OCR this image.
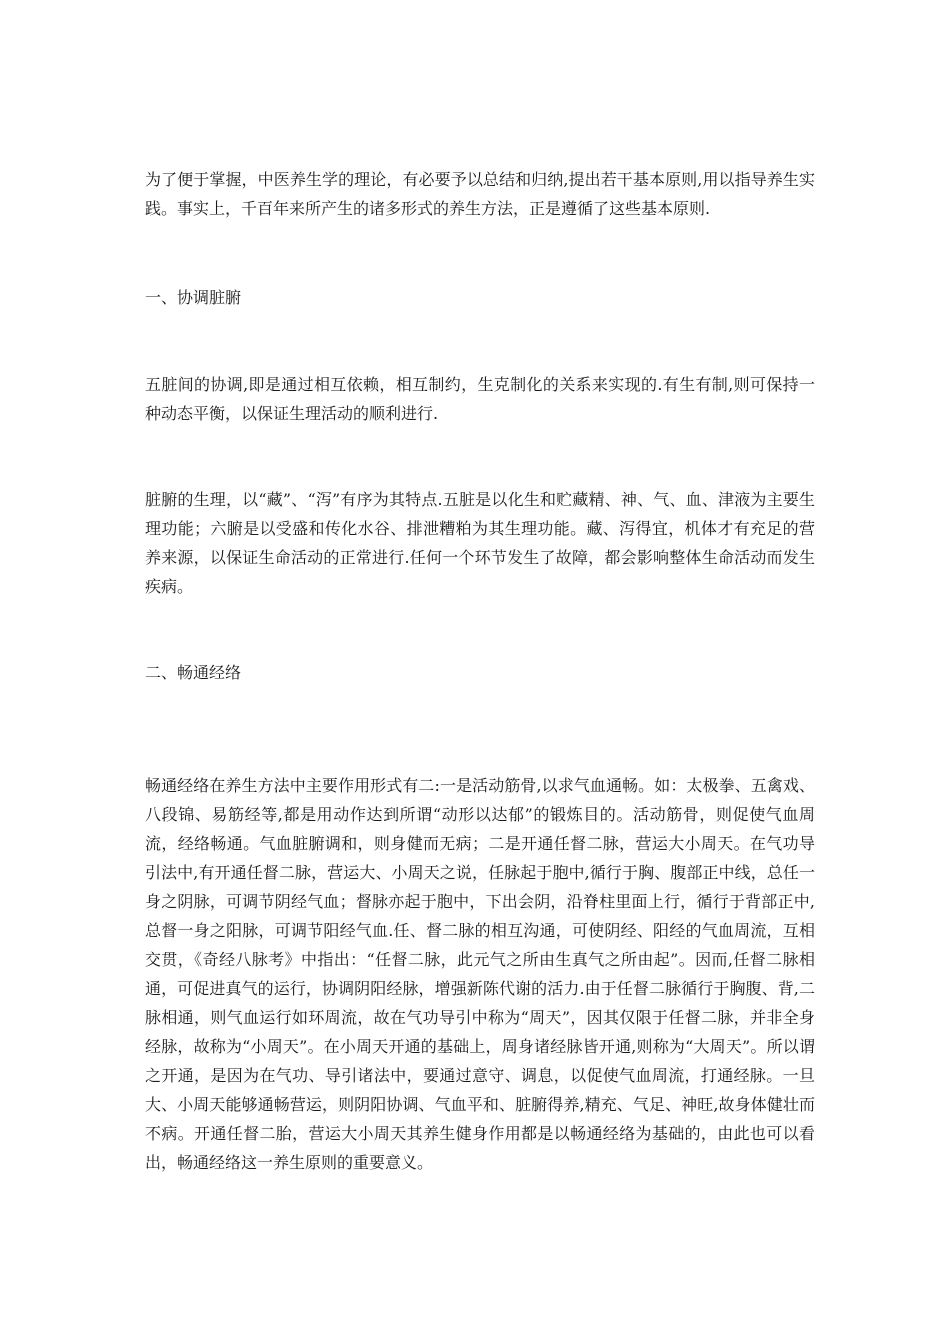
为了便于掌握，中医养生学的理论，有必要予以总结和归纳,提出若干基本原则,用以指导养生实践。事实上，千百年来所产生的诸多形式的养生方法，正是遵循了这些基本原则.

一、协调脏腑

五脏间的协调,即是通过相互依赖，相互制约，生克制化的关系来实现的.有生有制,则可保持一种动态平衡，以保证生理活动的顺利进行.

脏腑的生理，以“藏”、“泻”有序为其特点.五脏是以化生和贮藏精、神、气、血、津液为主要生理功能；六腑是以受盛和传化水谷、排泄糟粕为其生理功能。藏、泻得宜，机体才有充足的营养来源，以保证生命活动的正常进行.任何一个环节发生了故障，都会影响整体生命活动而发生疾病。

二、畅通经络

畅通经络在养生方法中主要作用形式有二:一是活动筋骨,以求气血通畅。如：太极拳、五禽戏、八段锦、易筋经等,都是用动作达到所谓“动形以达郁”的锻炼目的。活动筋骨，则促使气血周流，经络畅通。气血脏腑调和，则身健而无病；二是开通任督二脉，营运大小周天。在气功导引法中,有开通任督二脉，营运大、小周天之说，任脉起于胞中,循行于胸、腹部正中线，总任一身之阴脉，可调节阴经气血；督脉亦起于胞中，下出会阴，沿脊柱里面上行，循行于背部正中,总督一身之阳脉，可调节阳经气血.任、督二脉的相互沟通，可使阴经、阳经的气血周流，互相交贯，《奇经八脉考》中指出：“任督二脉，此元气之所由生真气之所由起”。因而,任督二脉相通，可促进真气的运行，协调阴阳经脉，增强新陈代谢的活力.由于任督二脉循行于胸腹、背,二脉相通，则气血运行如环周流，故在气功导引中称为“周天”，因其仅限于任督二脉，并非全身经脉，故称为“小周天”。在小周天开通的基础上，周身诸经脉皆开通,则称为“大周天”。所以谓之开通，是因为在气功、导引诸法中，要通过意守、调息，以促使气血周流，打通经脉。一旦大、小周天能够通畅营运，则阴阳协调、气血平和、脏腑得养,精充、气足、神旺,故身体健壮而不病。开通任督二胎，营运大小周天其养生健身作用都是以畅通经络为基础的，由此也可以看出，畅通经络这一养生原则的重要意义。
